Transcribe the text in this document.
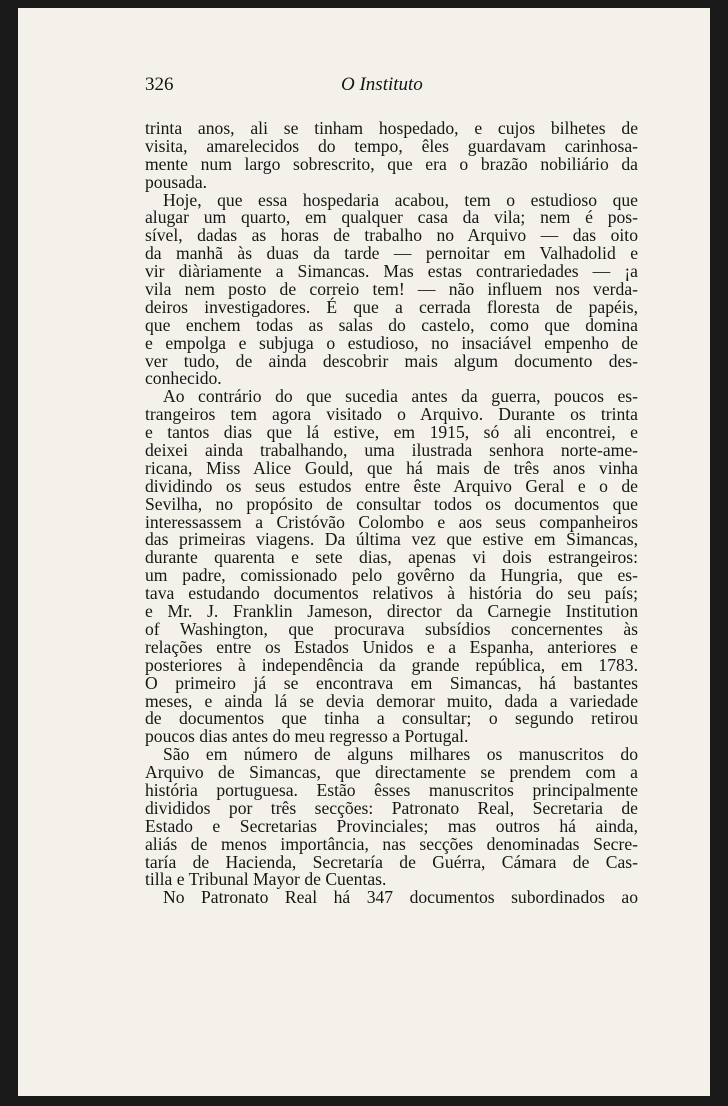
326	O Instituto
trinta anos, ali se tinham hospedado, e cujos bilhetes de
visita, amarelecidos do tempo, êles guardavam carinhosa-
mente num largo sobrescrito, que era o brazão nobiliário da
pousada.
Hoje, que essa hospedaria acabou, tem o estudioso que
alugar um quarto, em qualquer casa da vila; nem é pos-
sível, dadas as horas de trabalho no Arquivo — das oito
da manhã às duas da tarde — pernoitar em Valhadolid e
vir diàriamente a Simancas. Mas estas contrariedades — ¡a
vila nem posto de correio tem! — não influem nos verda-
deiros investigadores. É que a cerrada floresta de papéis,
que enchem todas as salas do castelo, como que domina
e empolga e subjuga o estudioso, no insaciável empenho de
ver tudo, de ainda descobrir mais algum documento des-
conhecido.
Ao contrário do que sucedia antes da guerra, poucos es-
trangeiros tem agora visitado o Arquivo. Durante os trinta
e tantos dias que lá estive, em 1915, só ali encontrei, e
deixei ainda trabalhando, uma ilustrada senhora norte-ame-
ricana, Miss Alice Gould, que há mais de três anos vinha
dividindo os seus estudos entre êste Arquivo Geral e o de
Sevilha, no propósito de consultar todos os documentos que
interessassem a Cristóvão Colombo e aos seus companheiros
das primeiras viagens. Da última vez que estive em Simancas,
durante quarenta e sete dias, apenas vi dois estrangeiros:
um padre, comissionado pelo govêrno da Hungria, que es-
tava estudando documentos relativos à história do seu país;
e Mr. J. Franklin Jameson, director da Carnegie Institution
of Washington, que procurava subsídios concernentes às
relações entre os Estados Unidos e a Espanha, anteriores e
posteriores à independência da grande república, em 1783.
O primeiro já se encontrava em Simancas, há bastantes
meses, e ainda lá se devia demorar muito, dada a variedade
de documentos que tinha a consultar; o segundo retirou
poucos dias antes do meu regresso a Portugal.
São em número de alguns milhares os manuscritos do
Arquivo de Simancas, que directamente se prendem com a
história portuguesa. Estão êsses manuscritos principalmente
divididos por três secções: Patronato Real, Secretaria de
Estado e Secretarias Provinciales; mas outros há ainda,
aliás de menos importância, nas secções denominadas Secre-
taría de Hacienda, Secretaría de Guérra, Cámara de Cas-
tilla e Tribunal Mayor de Cuentas.
No Patronato Real há 347 documentos subordinados ao
